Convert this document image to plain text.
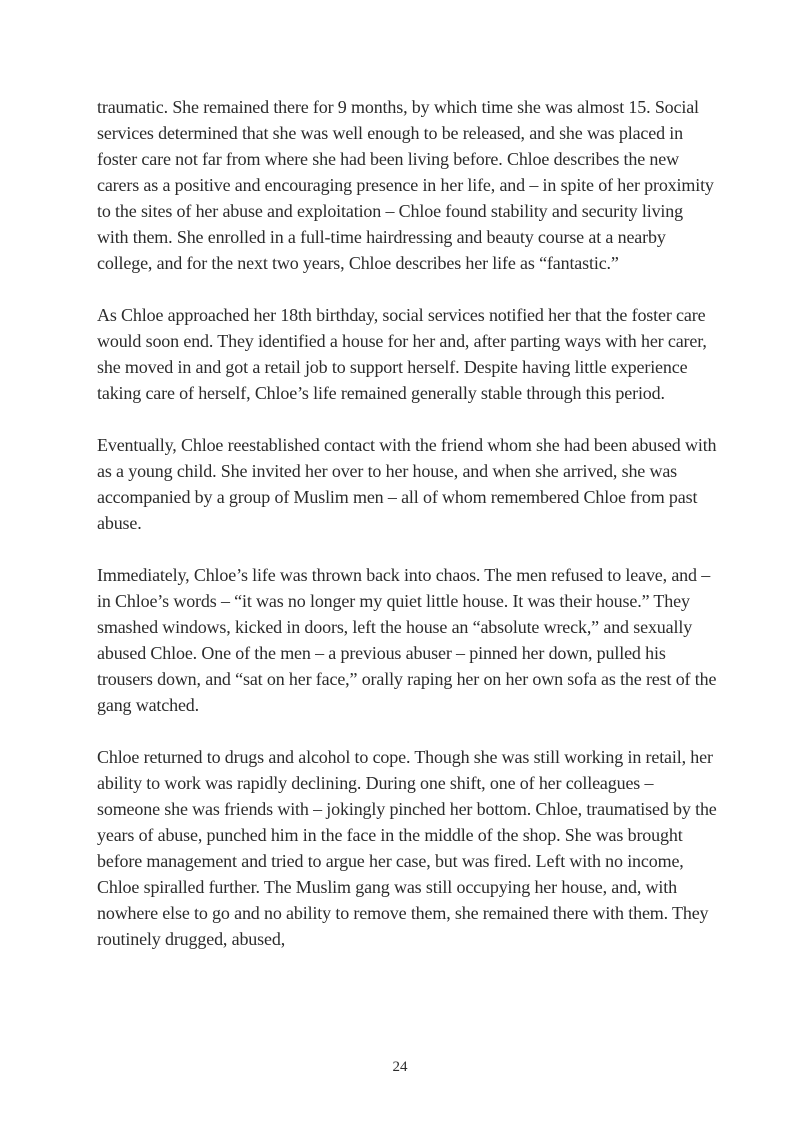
traumatic. She remained there for 9 months, by which time she was almost 15. Social services determined that she was well enough to be released, and she was placed in foster care not far from where she had been living before. Chloe describes the new carers as a positive and encouraging presence in her life, and – in spite of her proximity to the sites of her abuse and exploitation – Chloe found stability and security living with them. She enrolled in a full-time hairdressing and beauty course at a nearby college, and for the next two years, Chloe describes her life as “fantastic.”

As Chloe approached her 18th birthday, social services notified her that the foster care would soon end. They identified a house for her and, after parting ways with her carer, she moved in and got a retail job to support herself. Despite having little experience taking care of herself, Chloe’s life remained generally stable through this period.

Eventually, Chloe reestablished contact with the friend whom she had been abused with as a young child. She invited her over to her house, and when she arrived, she was accompanied by a group of Muslim men – all of whom remembered Chloe from past abuse.

Immediately, Chloe’s life was thrown back into chaos. The men refused to leave, and – in Chloe’s words – “it was no longer my quiet little house. It was their house.” They smashed windows, kicked in doors, left the house an “absolute wreck,” and sexually abused Chloe. One of the men – a previous abuser – pinned her down, pulled his trousers down, and “sat on her face,” orally raping her on her own sofa as the rest of the gang watched.

Chloe returned to drugs and alcohol to cope. Though she was still working in retail, her ability to work was rapidly declining. During one shift, one of her colleagues – someone she was friends with – jokingly pinched her bottom. Chloe, traumatised by the years of abuse, punched him in the face in the middle of the shop. She was brought before management and tried to argue her case, but was fired. Left with no income, Chloe spiralled further. The Muslim gang was still occupying her house, and, with nowhere else to go and no ability to remove them, she remained there with them. They routinely drugged, abused,

24
